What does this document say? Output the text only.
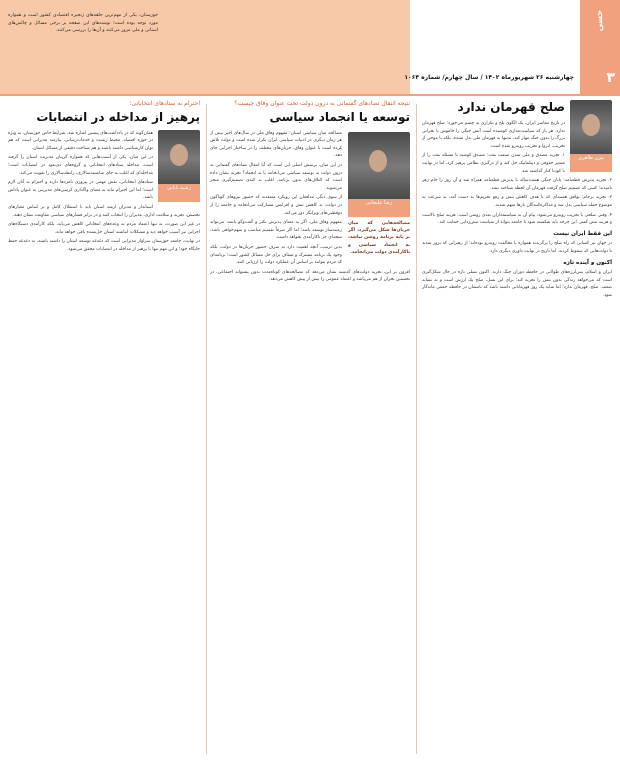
خوزستان، یکی از مهم‌ترین حلقه‌های زنجیره اقتصادی کشور است و همواره مورد توجه بوده است؛ نوشته‌های این صفحه بر برخی مسائل و چالش‌های استانی و ملی مرور می‌کنند و آن‌ها را بررسی می‌کنند.	حسی
۳
چهارشنبه ۲۶ شهریورماه ۱۴۰۲ / سال چهارم/ شماره ۱۰۶۴
بیژن طاهری
صلح قهرمان ندارد

در تاریخ معاصر ایران، یک الگوی تلخ و تکراری به چشم می‌خورد: صلح قهرمان ندارد. هر بار که سیاست‌مداری کوشیده است آتش جنگی را خاموش یا بحرانی بزرگ را بدون جنگ مهار کند، نه‌تنها به قهرمان ملی بدل نشده، بلکه با موجی از تخریب، انزوا و تخریب روبه‌رو شده است.

۱. تجربه مصدق و ملی شدن صنعت نفت: مصدق کوشید تا مسئله نفت را از مسیر حقوقی و دیپلماتیک حل کند و از درگیری نظامی پرهیز کرد، اما در نهایت با کودتا کنار گذاشته شد.

۲. تجربه پذیرش قطعنامه: پایان جنگی هشت‌ساله با پذیرش قطعنامه همراه شد و آن روز را جام زهر نامیدند؛ کسی که تصمیم صلح گرفت قهرمان آن لحظه شناخته نشد.

۳. تجربه برجام: توافق هسته‌ای که با هدف کاهش تنش و رفع تحریم‌ها به دست آمد، به سرعت به موضوع حمله سیاسی بدل شد و مذاکره‌کنندگان بارها متهم شدند.

۴. وقتی صلحی با تخریب روبه‌رو می‌شود، پیام آن به سیاستمداران بعدی روشن است: هزینه صلح بالاست و هزینه تنش کمتر. این چرخه باید شکسته شود تا جامعه بتواند از سیاست تنش‌زدایی حمایت کند.

این فقط ایران نیست

در جهان نیز کسانی که راه صلح را برگزیدند همواره با مخالفت روبه‌رو بوده‌اند؛ از رهبرانی که ترور شدند تا دولت‌هایی که سقوط کردند. اما تاریخ در نهایت داوری دیگری دارد.

اکنون و آینده تازه

ایران و اسلام، پس‌لرزه‌های طولانی در حافظه دوران جنگ دارند. اکنون نسلی تازه در حال شکل‌گیری است که می‌خواهد زندگی بدون تنش را تجربه کند؛ برای این نسل، صلح یک ارزش است و نه نشانه ضعف. صلح، قهرمان ندارد؛ اما شاید یک روز قهرمانانی داشته باشد که نامشان در حافظه جمعی ماندگار شود.

نتیجه انتقال تضادهای گفتمانی به درون دولت تحت عنوان وفاق چیست؟
توسعه یا انجماد سیاسی
رضا علیجانی
مصالحه‌هایی که میان جریان‌ها شکل می‌گیرد، اگر بر پایه برنامه روشن نباشد، به انجماد سیاسی و ناکارآمدی دولت می‌انجامد.

مصالحه میان سیاسی استان: مفهوم وفاق ملی در سال‌های اخیر بیش از هر زمان دیگری در ادبیات سیاسی ایران تکرار شده است و دولت تلاش کرده است با عنوان وفاق، جریان‌های مختلف را در ساختار اجرایی جای دهد.

در این میان، پرسش اصلی این است که آیا انتقال تضادهای گفتمانی به درون دولت به توسعه سیاسی می‌انجامد یا به انجماد؟ تجربه نشان داده است که ائتلاف‌های بدون برنامه، اغلب به کندی تصمیم‌گیری منجر می‌شوند.

از سوی دیگر، مدافعان این رویکرد معتقدند که حضور نیروهای گوناگون در دولت، به کاهش تنش و افزایش مشارکت می‌انجامد و جامعه را از دوقطبی‌های ویرانگر دور می‌کند.

مفهوم وفاق ملی، اگر به معنای پذیرش تکثر و گفت‌وگو باشد، می‌تواند زمینه‌ساز توسعه باشد؛ اما اگر صرفاً تقسیم مناصب و سهم‌خواهی باشد، نتیجه‌ای جز ناکارآمدی نخواهد داشت.

بدین ترتیب، آنچه اهمیت دارد نه صرف حضور جریان‌ها در دولت، بلکه وجود یک برنامه مشترک و شفاف برای حل مسائل کشور است؛ برنامه‌ای که مردم بتوانند بر اساس آن عملکرد دولت را ارزیابی کنند.

افزون بر این، تجربه دولت‌های گذشته نشان می‌دهد که مصالحه‌های کوتاه‌مدت بدون پشتوانه اجتماعی، در نخستین بحران از هم می‌پاشد و اعتماد عمومی را بیش از پیش کاهش می‌دهد.

احترام به ستادهای انتخاباتی؛
پرهیز از مداخله در انتصابات
رشید بابایی

همان‌گونه که در یادداشت‌های پیشین اشاره شد، شرایط خاص خوزستان، به ویژه در حوزه اقتصاد، محیط زیست و خدمات‌رسانی، نیازمند مدیرانی است که هم توان کارشناسی داشته باشند و هم شناخت دقیقی از مسائل استان.

در این میان، یکی از آسیب‌هایی که همواره گریبان مدیریت استان را گرفته است، مداخله ستادهای انتخاباتی و گروه‌های ذی‌نفوذ در انتصابات است؛ مداخله‌ای که اغلب به جای شایسته‌سالاری، رابطه‌سالاری را تقویت می‌کند.

ستادهای انتخاباتی، نقش مهمی در پیروزی نامزدها دارند و احترام به آنان لازم است؛ اما این احترام نباید به معنای واگذاری کرسی‌های مدیریتی به عنوان پاداش باشد.

استاندار و مدیران ارشد استان باید با استقلال کامل و بر اساس معیارهای تخصص، تجربه و سلامت اداری، مدیران را انتخاب کنند و در برابر فشارهای سیاسی مقاومت نشان دهند.

در غیر این صورت، نه تنها اعتماد مردم به وعده‌های انتخاباتی کاهش می‌یابد، بلکه کارآمدی دستگاه‌های اجرایی نیز آسیب خواهد دید و مشکلات انباشته استان حل‌نشده باقی خواهد ماند.

در نهایت، جامعه خوزستان سزاوار مدیرانی است که دغدغه توسعه استان را داشته باشند، نه دغدغه حفظ جایگاه خود؛ و این مهم تنها با پرهیز از مداخله در انتصابات محقق می‌شود.
